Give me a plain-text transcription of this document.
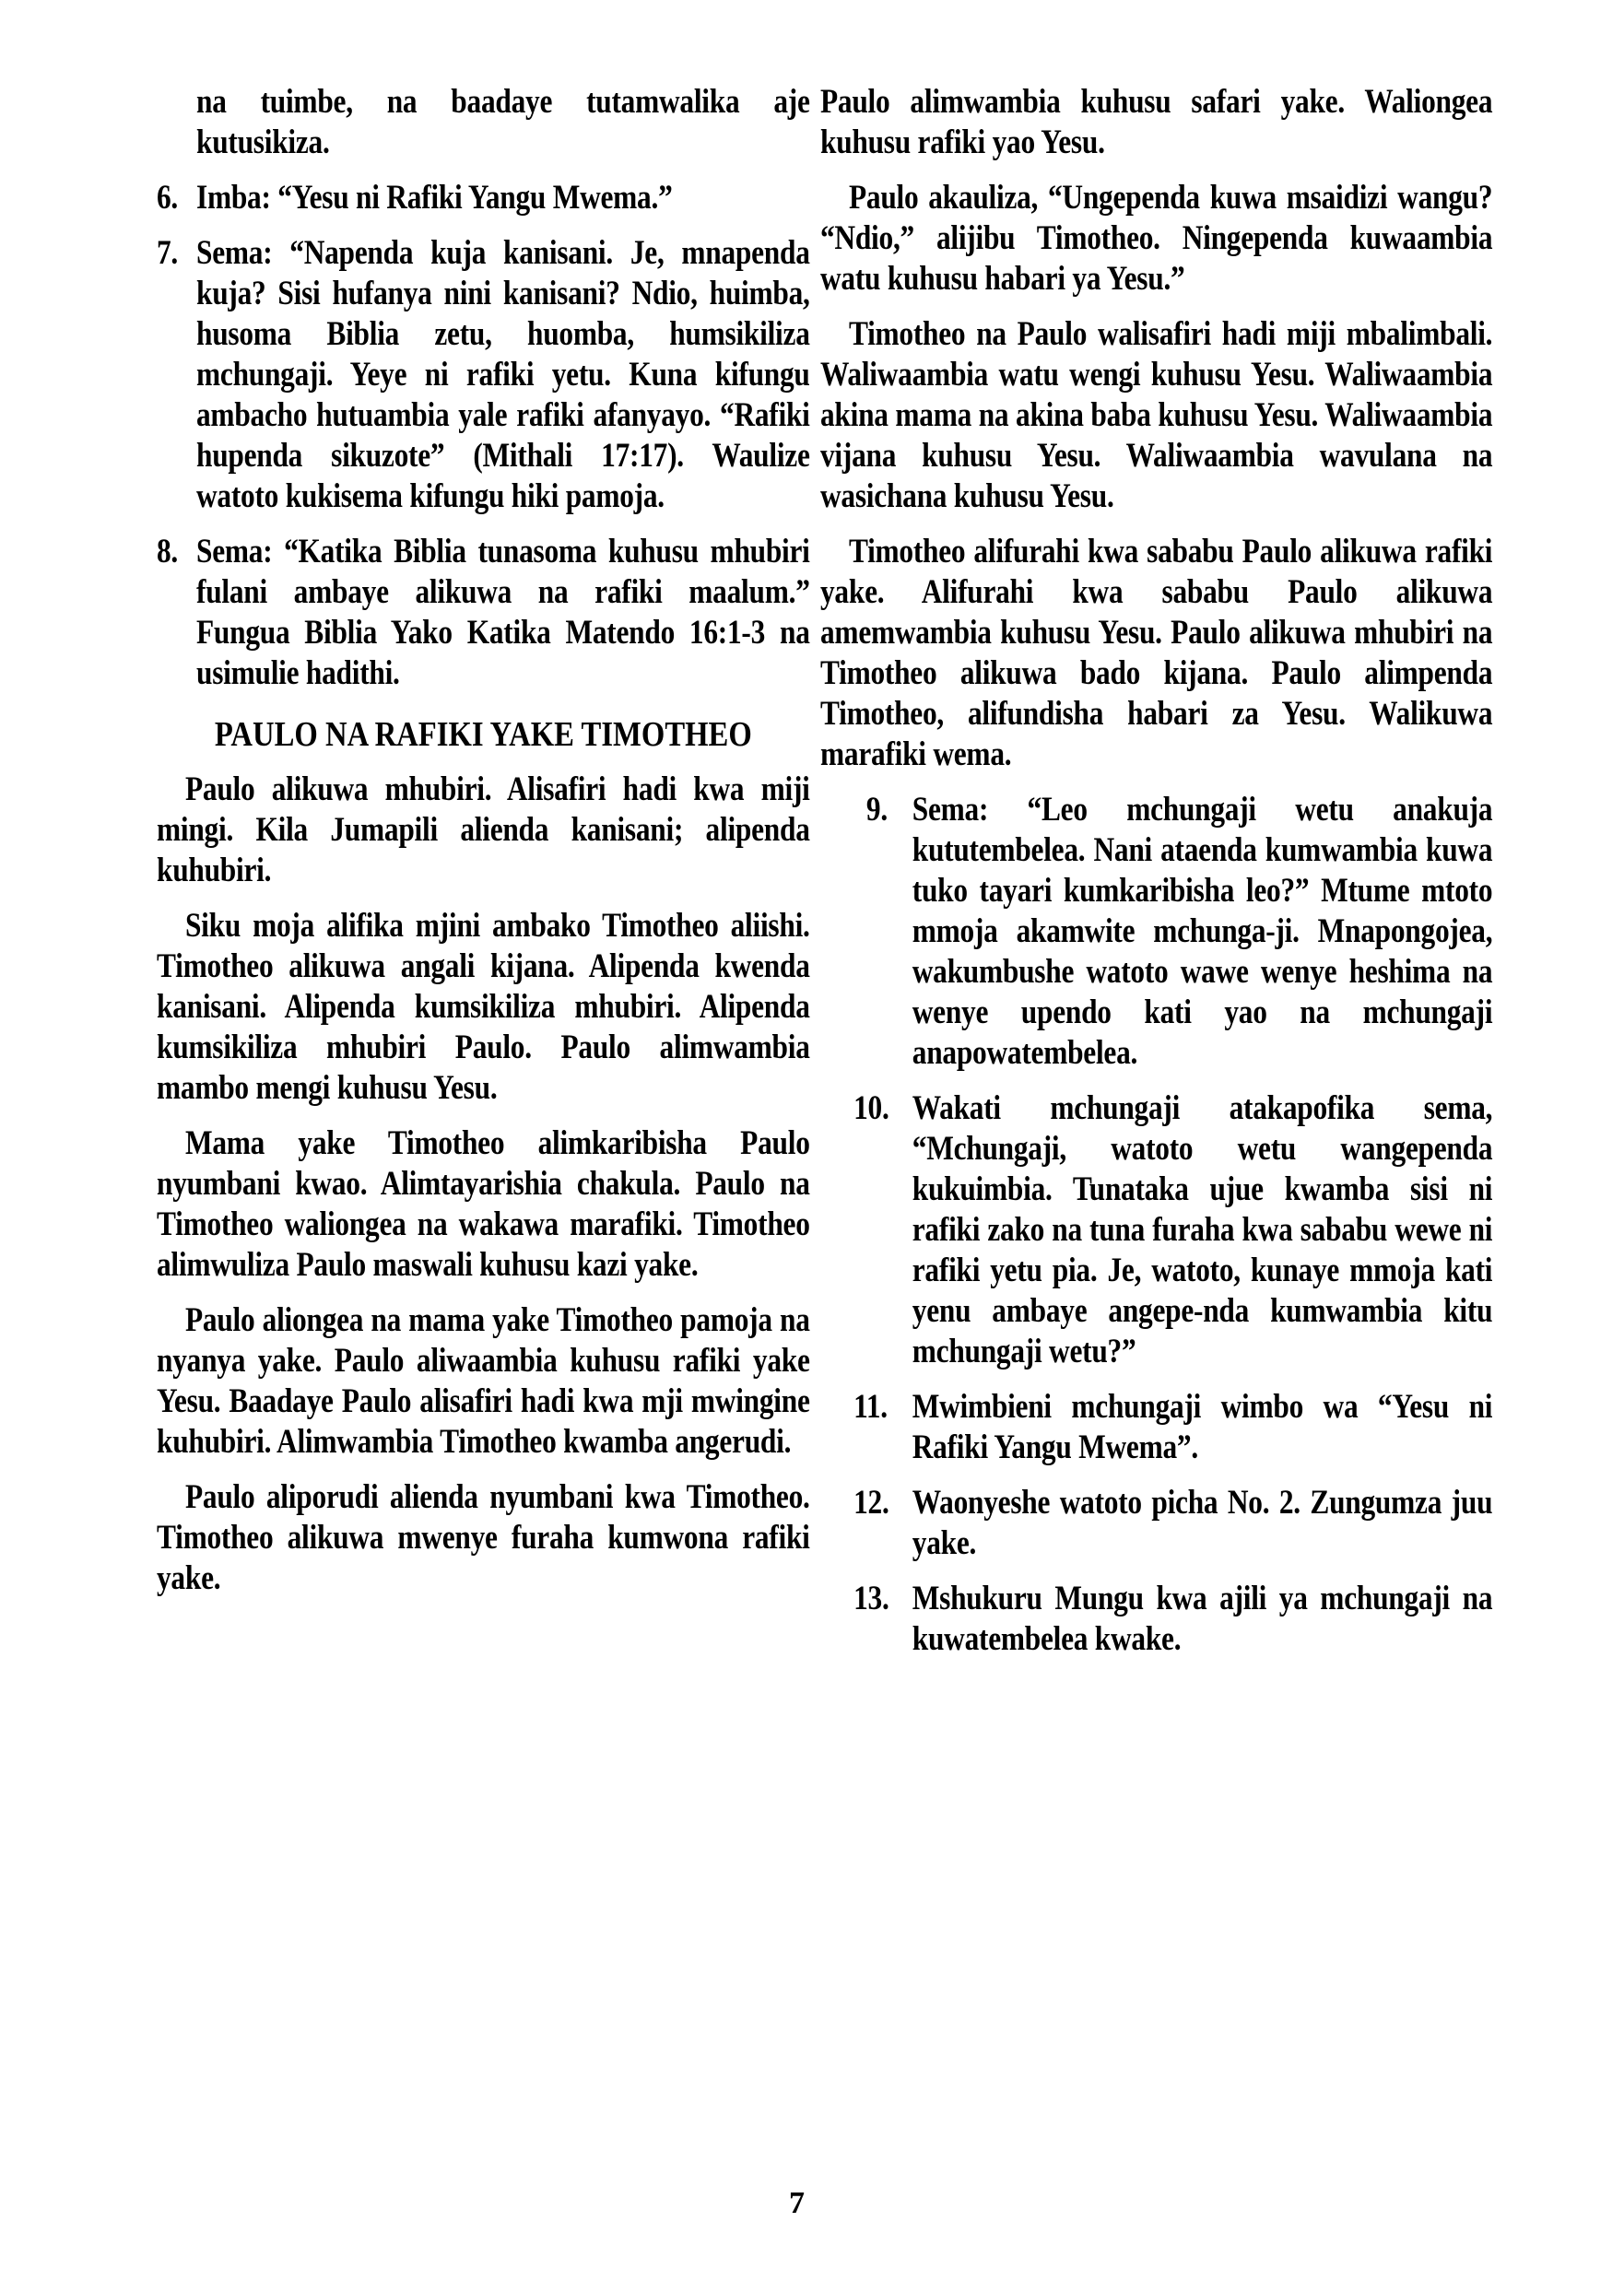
na tuimbe, na baadaye tutamwalika aje kutusikiza.
6. Imba: “Yesu ni Rafiki Yangu Mwema.”
7. Sema: “Napenda kuja kanisani. Je, mnapenda kuja? Sisi hufanya nini kanisani? Ndio, huimba, husoma Biblia zetu, huomba, humsikiliza mchungaji. Yeye ni rafiki yetu. Kuna kifungu ambacho hutuambia yale rafiki afanyayo. “Rafiki hupenda sikuzote” (Mithali 17:17). Waulize watoto kukisema kifungu hiki pamoja.
8. Sema: “Katika Biblia tunasoma kuhusu mhubiri fulani ambaye alikuwa na rafiki maalum.” Fungua Biblia Yako Katika Matendo 16:1-3 na usimulie hadithi.
PAULO NA RAFIKI YAKE TIMOTHEO

Paulo alikuwa mhubiri. Alisafiri hadi kwa miji mingi. Kila Jumapili alienda kanisani; alipenda kuhubiri.

Siku moja alifika mjini ambako Timotheo aliishi. Timotheo alikuwa angali kijana. Alipenda kwenda kanisani. Alipenda kumsikiliza mhubiri. Alipenda kumsikiliza mhubiri Paulo. Paulo alimwambia mambo mengi kuhusu Yesu.

Mama yake Timotheo alimkaribisha Paulo nyumbani kwao. Alimtayarishia chakula. Paulo na Timotheo waliongea na wakawa marafiki. Timotheo alimwuliza Paulo maswali kuhusu kazi yake.

Paulo aliongea na mama yake Timotheo pamoja na nyanya yake. Paulo aliwaambia kuhusu rafiki yake Yesu. Baadaye Paulo alisafiri hadi kwa mji mwingine kuhubiri. Alimwambia Timotheo kwamba angerudi.

Paulo aliporudi alienda nyumbani kwa Timotheo. Timotheo alikuwa mwenye furaha kumwona rafiki yake.

Paulo alimwambia kuhusu safari yake. Waliongea kuhusu rafiki yao Yesu.

Paulo akauliza, “Ungependa kuwa msaidizi wangu? “Ndio,” alijibu Timotheo. Ningependa kuwaambia watu kuhusu habari ya Yesu.”

Timotheo na Paulo walisafiri hadi miji mbalimbali. Waliwaambia watu wengi kuhusu Yesu. Waliwaambia akina mama na akina baba kuhusu Yesu. Waliwaambia vijana kuhusu Yesu. Waliwaambia wavulana na wasichana kuhusu Yesu.

Timotheo alifurahi kwa sababu Paulo alikuwa rafiki yake. Alifurahi kwa sababu Paulo alikuwa amemwambia kuhusu Yesu. Paulo alikuwa mhubiri na Timotheo alikuwa bado kijana. Paulo alimpenda Timotheo, alifundisha habari za Yesu. Walikuwa marafiki wema.

9. Sema: “Leo mchungaji wetu anakuja kututembelea. Nani ataenda kumwambia kuwa tuko tayari kumkaribisha leo?” Mtume mtoto mmoja akamwite mchunga-ji. Mnapongojea, wakumbushe watoto wawe wenye heshima na wenye upendo kati yao na mchungaji anapowatembelea.
10. Wakati mchungaji atakapofika sema, “Mchungaji, watoto wetu wangependa kukuimbia. Tunataka ujue kwamba sisi ni rafiki zako na tuna furaha kwa sababu wewe ni rafiki yetu pia. Je, watoto, kunaye mmoja kati yenu ambaye angepe-nda kumwambia kitu mchungaji wetu?”
11. Mwimbieni mchungaji wimbo wa “Yesu ni Rafiki Yangu Mwema”.
12. Waonyeshe watoto picha No. 2. Zungumza juu yake.
13. Mshukuru Mungu kwa ajili ya mchungaji na kuwatembelea kwake.
7
